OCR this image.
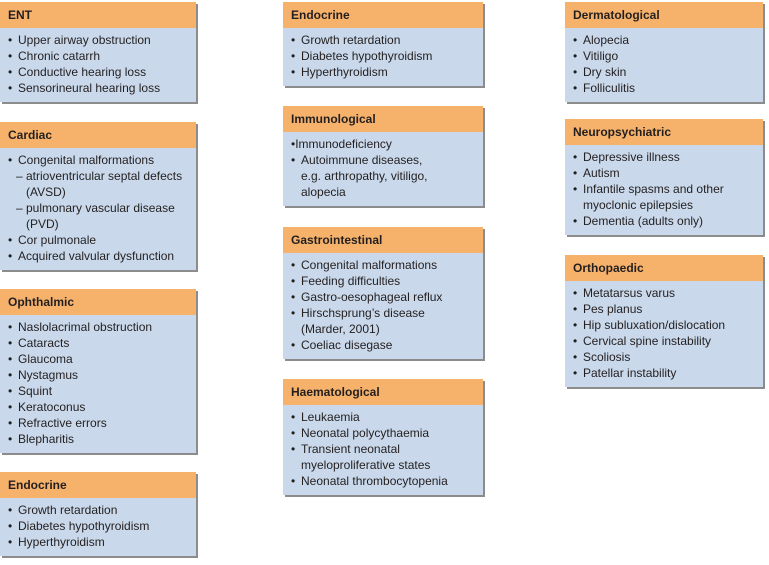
ENT
• Upper airway obstruction
• Chronic catarrh
• Conductive hearing loss
• Sensorineural hearing loss
Cardiac
• Congenital malformations
– atrioventricular septal defects
(AVSD)
– pulmonary vascular disease
(PVD)
• Cor pulmonale
• Acquired valvular dysfunction
Ophthalmic
• Naslolacrimal obstruction
• Cataracts
• Glaucoma
• Nystagmus
• Squint
• Keratoconus
• Refractive errors
• Blepharitis
Endocrine
• Growth retardation
• Diabetes hypothyroidism
• Hyperthyroidism
Endocrine
• Growth retardation
• Diabetes hypothyroidism
• Hyperthyroidism
Immunological
•Immunodeficiency
• Autoimmune diseases,
e.g. arthropathy, vitiligo,
alopecia
Gastrointestinal
• Congenital malformations
• Feeding difficulties
• Gastro-oesophageal reflux
• Hirschsprung’s disease
(Marder, 2001)
• Coeliac disegase
Haematological
• Leukaemia
• Neonatal polycythaemia
• Transient neonatal
myeloproliferative states
• Neonatal thrombocytopenia
Dermatological
• Alopecia
• Vitiligo
• Dry skin
• Folliculitis
Neuropsychiatric
• Depressive illness
• Autism
• Infantile spasms and other
myoclonic epilepsies
• Dementia (adults only)
Orthopaedic
• Metatarsus varus
• Pes planus
• Hip subluxation/dislocation
• Cervical spine instability
• Scoliosis
• Patellar instability
